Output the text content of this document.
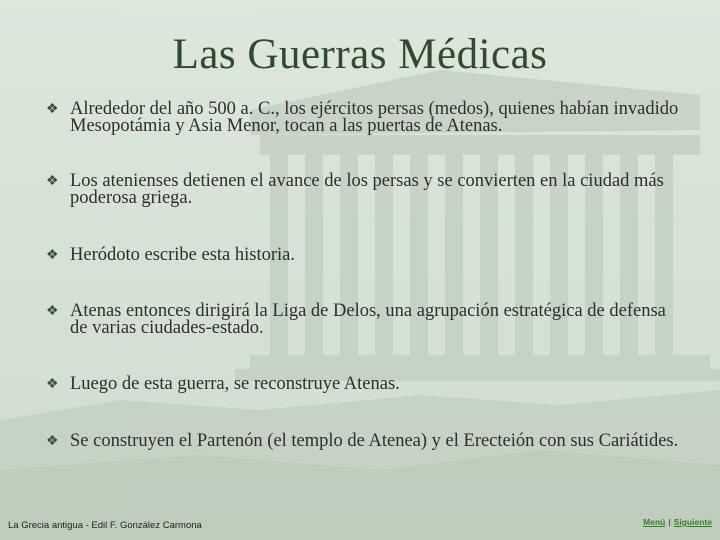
Las Guerras Médicas
❖ Alrededor del año 500 a. C., los ejércitos persas (medos), quienes habían invadido Mesopotámia y Asia Menor, tocan a las puertas de Atenas.
❖ Los atenienses detienen el avance de los persas y se convierten en la ciudad más poderosa griega.
❖ Heródoto escribe esta historia.
❖ Atenas entonces dirigirá la Liga de Delos, una agrupación estratégica de defensa de varias ciudades-estado.
❖ Luego de esta guerra, se reconstruye Atenas.
❖ Se construyen el Partenón (el templo de Atenea) y el Erecteión con sus Cariátides.
La Grecia antigua - Edil F. González Carmona	Menú | Siguiente
